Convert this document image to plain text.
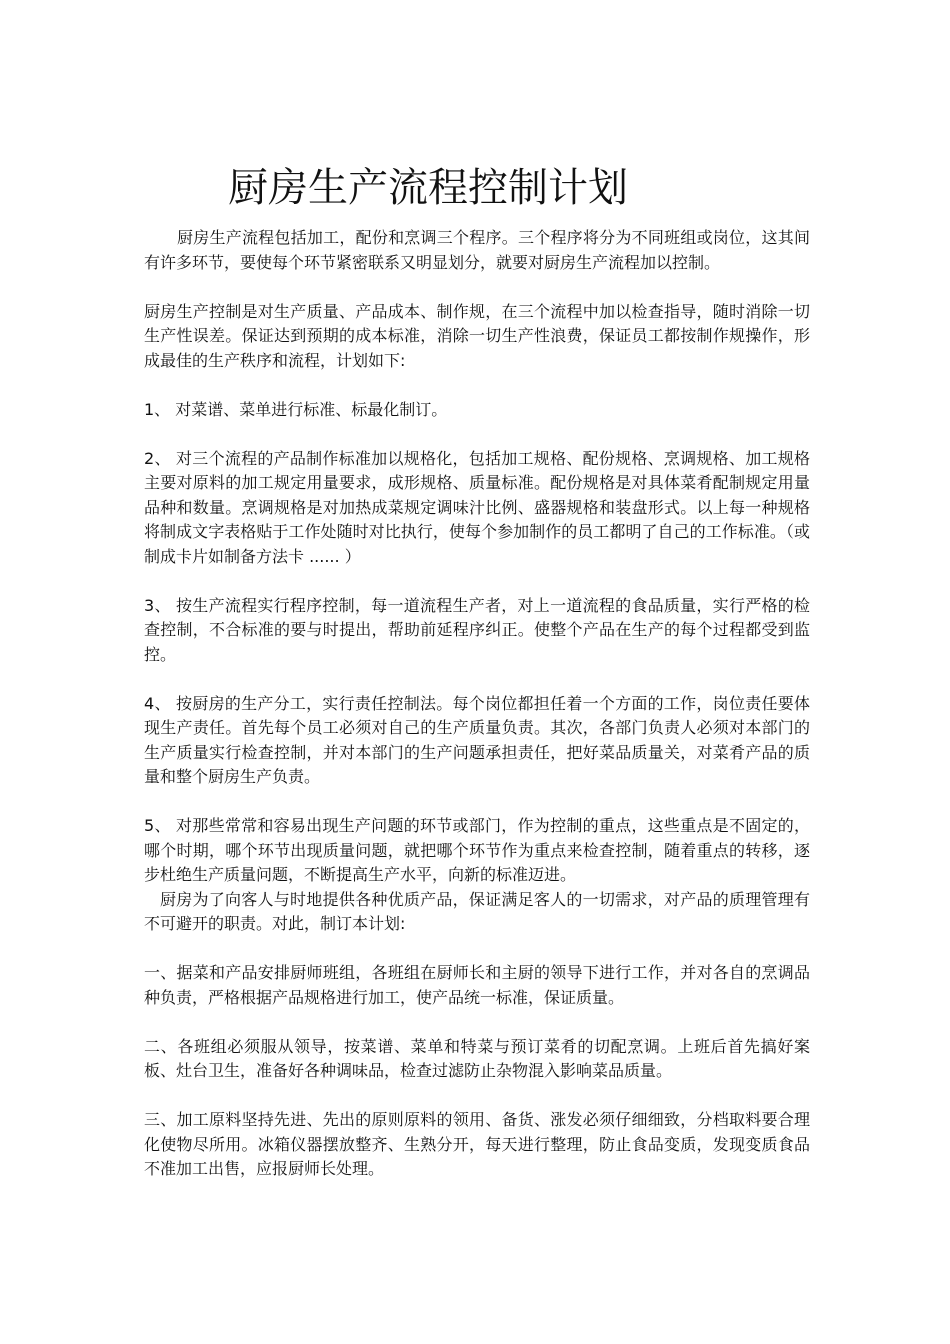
厨房生产流程控制计划

厨房生产流程包括加工，配份和烹调三个程序。三个程序将分为不同班组或岗位，这其间有许多环节，要使每个环节紧密联系又明显划分，就要对厨房生产流程加以控制。

厨房生产控制是对生产质量、产品成本、制作规，在三个流程中加以检查指导，随时消除一切生产性误差。保证达到预期的成本标准，消除一切生产性浪费，保证员工都按制作规操作，形成最佳的生产秩序和流程，计划如下:

1、 对菜谱、菜单进行标准、标最化制订。

2、 对三个流程的产品制作标准加以规格化，包括加工规格、配份规格、烹调规格、加工规格主要对原料的加工规定用量要求，成形规格、质量标准。配份规格是对具体菜肴配制规定用量品种和数量。烹调规格是对加热成菜规定调味汁比例、盛器规格和装盘形式。以上每一种规格将制成文字表格贴于工作处随时对比执行，使每个参加制作的员工都明了自己的工作标准。（或制成卡片如制备方法卡 ...... ）

3、 按生产流程实行程序控制，每一道流程生产者，对上一道流程的食品质量，实行严格的检查控制，不合标准的要与时提出，帮助前延程序纠正。使整个产品在生产的每个过程都受到监控。

4、 按厨房的生产分工，实行责任控制法。每个岗位都担任着一个方面的工作，岗位责任要体现生产责任。首先每个员工必须对自己的生产质量负责。其次，各部门负责人必须对本部门的生产质量实行检查控制，并对本部门的生产问题承担责任，把好菜品质量关，对菜肴产品的质量和整个厨房生产负责。

5、 对那些常常和容易出现生产问题的环节或部门，作为控制的重点，这些重点是不固定的，哪个时期，哪个环节出现质量问题，就把哪个环节作为重点来检查控制，随着重点的转移，逐步杜绝生产质量问题，不断提高生产水平，向新的标准迈进。

厨房为了向客人与时地提供各种优质产品，保证满足客人的一切需求，对产品的质理管理有不可避开的职责。对此，制订本计划:

一、据菜和产品安排厨师班组，各班组在厨师长和主厨的领导下进行工作，并对各自的烹调品种负责，严格根据产品规格进行加工，使产品统一标准，保证质量。

二、各班组必须服从领导，按菜谱、菜单和特菜与预订菜肴的切配烹调。上班后首先搞好案板、灶台卫生，准备好各种调味品，检查过滤防止杂物混入影响菜品质量。

三、加工原料坚持先进、先出的原则原料的领用、备货、涨发必须仔细细致，分档取料要合理化使物尽所用。冰箱仪器摆放整齐、生熟分开，每天进行整理，防止食品变质，发现变质食品不准加工出售，应报厨师长处理。
